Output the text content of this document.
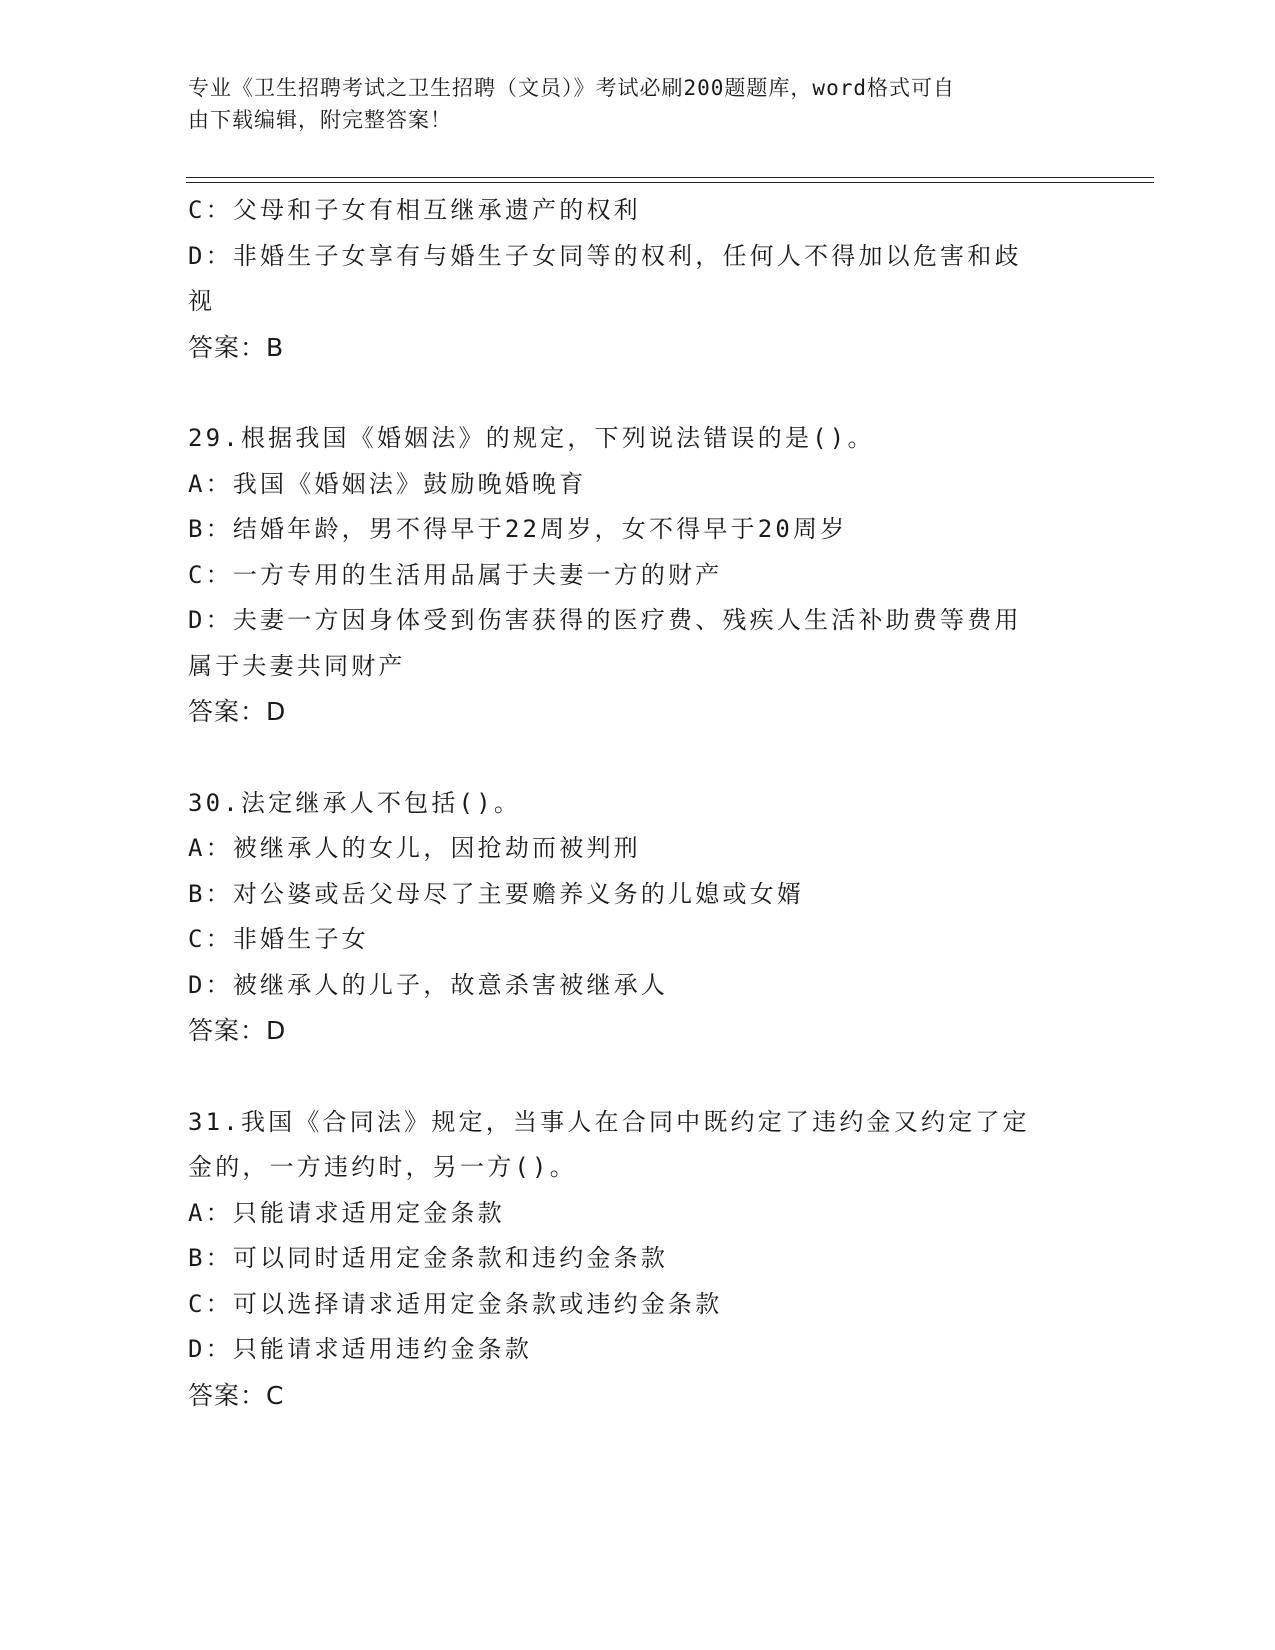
专业《卫生招聘考试之卫生招聘（文员）》考试必刷200题题库，word格式可自
由下载编辑，附完整答案！
C：父母和子女有相互继承遗产的权利
D：非婚生子女享有与婚生子女同等的权利，任何人不得加以危害和歧
视
答案：B
29.根据我国《婚姻法》的规定，下列说法错误的是()。
A：我国《婚姻法》鼓励晚婚晚育
B：结婚年龄，男不得早于22周岁，女不得早于20周岁
C：一方专用的生活用品属于夫妻一方的财产
D：夫妻一方因身体受到伤害获得的医疗费、残疾人生活补助费等费用
属于夫妻共同财产
答案：D
30.法定继承人不包括()。
A：被继承人的女儿，因抢劫而被判刑
B：对公婆或岳父母尽了主要赡养义务的儿媳或女婿
C：非婚生子女
D：被继承人的儿子，故意杀害被继承人
答案：D
31.我国《合同法》规定，当事人在合同中既约定了违约金又约定了定
金的，一方违约时，另一方()。
A：只能请求适用定金条款
B：可以同时适用定金条款和违约金条款
C：可以选择请求适用定金条款或违约金条款
D：只能请求适用违约金条款
答案：C
